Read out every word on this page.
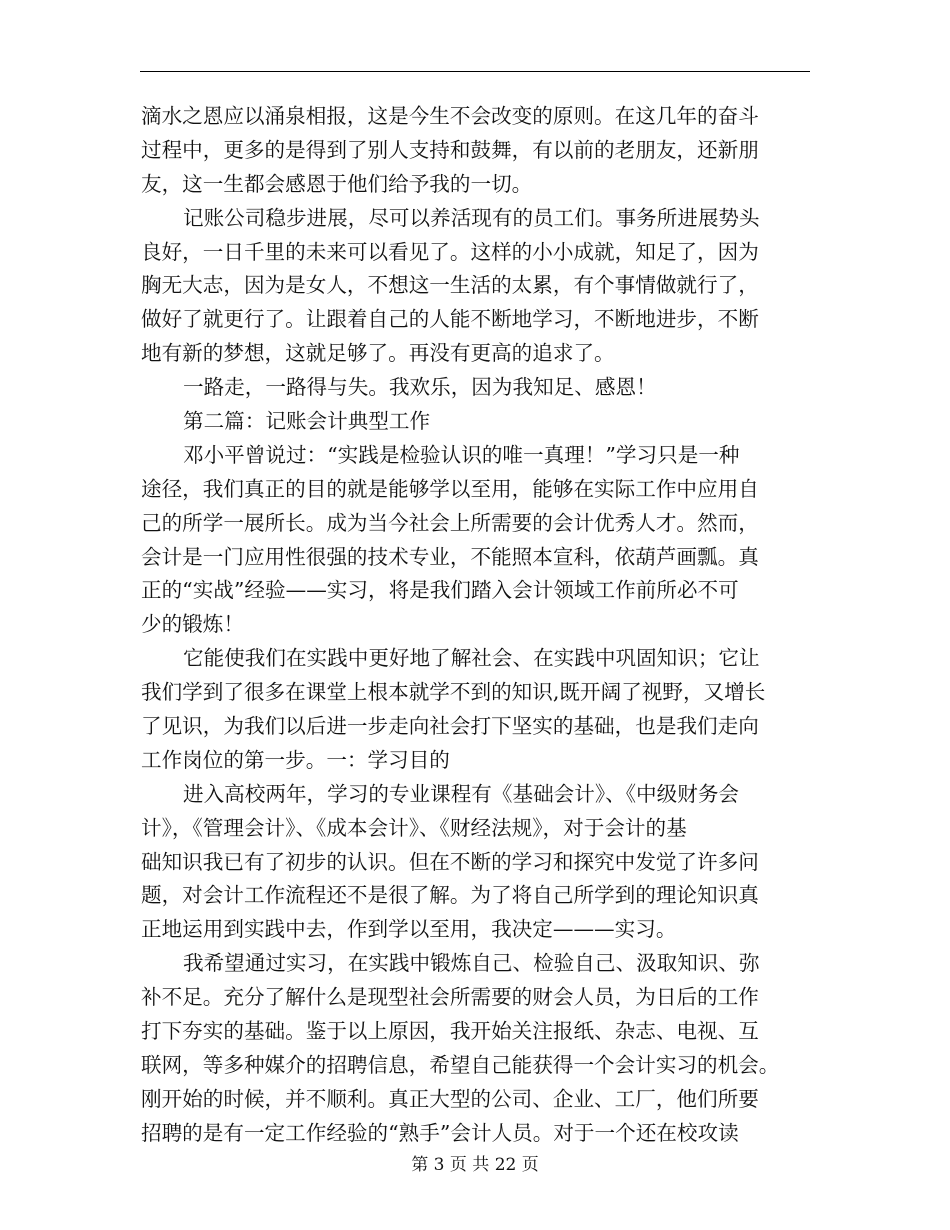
滴水之恩应以涌泉相报，这是今生不会改变的原则。在这几年的奋斗
过程中，更多的是得到了别人支持和鼓舞，有以前的老朋友，还新朋
友，这一生都会感恩于他们给予我的一切。
记账公司稳步进展，尽可以养活现有的员工们。事务所进展势头
良好，一日千里的未来可以看见了。这样的小小成就，知足了，因为
胸无大志，因为是女人，不想这一生活的太累，有个事情做就行了，
做好了就更行了。让跟着自己的人能不断地学习，不断地进步，不断
地有新的梦想，这就足够了。再没有更高的追求了。
一路走，一路得与失。我欢乐，因为我知足、感恩！
第二篇：记账会计典型工作
邓小平曾说过：“实践是检验认识的唯一真理！”学习只是一种
途径，我们真正的目的就是能够学以至用，能够在实际工作中应用自
己的所学一展所长。成为当今社会上所需要的会计优秀人才。然而，
会计是一门应用性很强的技术专业，不能照本宣科，依葫芦画瓢。真
正的“实战”经验——实习，将是我们踏入会计领域工作前所必不可
少的锻炼！
它能使我们在实践中更好地了解社会、在实践中巩固知识；它让
我们学到了很多在课堂上根本就学不到的知识,既开阔了视野，又增长
了见识，为我们以后进一步走向社会打下坚实的基础，也是我们走向
工作岗位的第一步。一：学习目的
进入高校两年，学习的专业课程有《基础会计》、《中级财务会
计》，《管理会计》、《成本会计》、《财经法规》，对于会计的基
础知识我已有了初步的认识。但在不断的学习和探究中发觉了许多问
题，对会计工作流程还不是很了解。为了将自己所学到的理论知识真
正地运用到实践中去，作到学以至用，我决定———实习。
我希望通过实习，在实践中锻炼自己、检验自己、汲取知识、弥
补不足。充分了解什么是现型社会所需要的财会人员，为日后的工作
打下夯实的基础。鉴于以上原因，我开始关注报纸、杂志、电视、互
联网，等多种媒介的招聘信息，希望自己能获得一个会计实习的机会。
刚开始的时候，并不顺利。真正大型的公司、企业、工厂，他们所要
招聘的是有一定工作经验的“熟手”会计人员。对于一个还在校攻读
第 3 页 共 22 页
